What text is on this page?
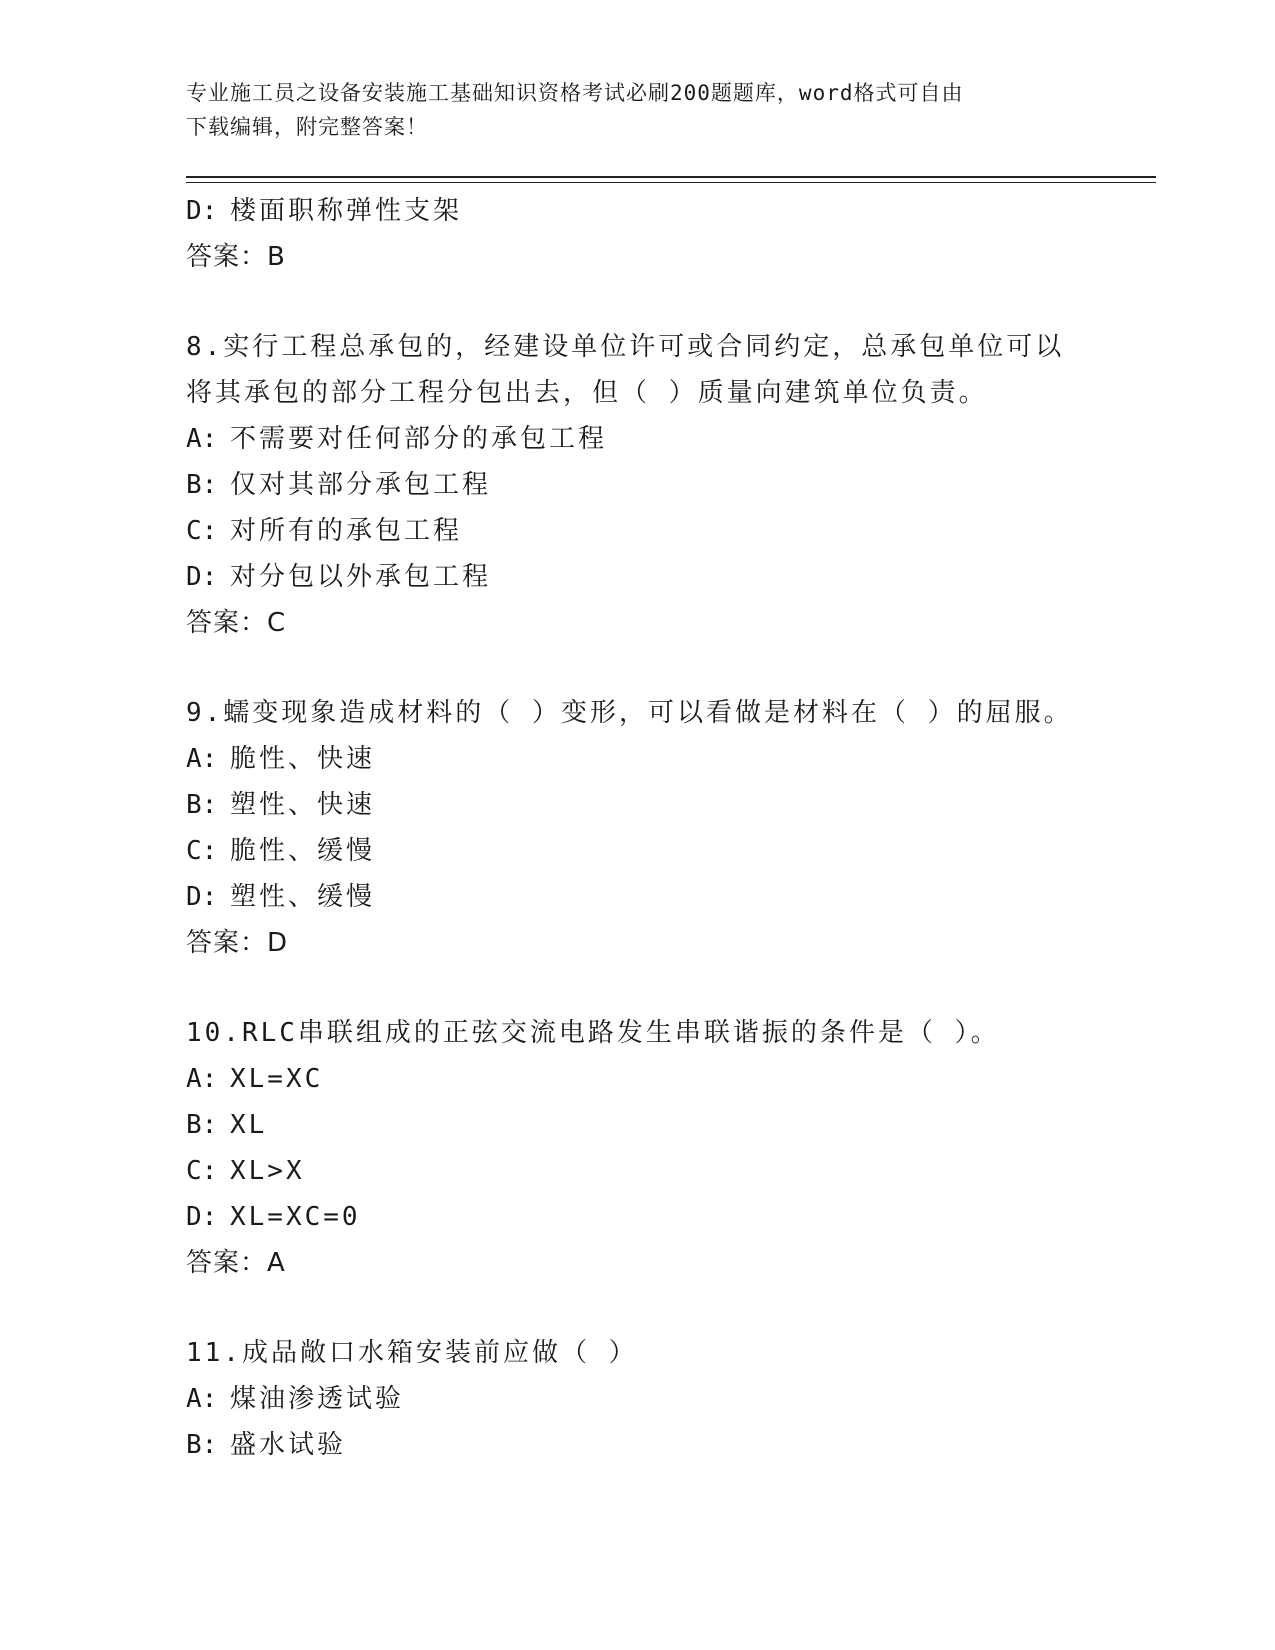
专业施工员之设备安装施工基础知识资格考试必刷200题题库，word格式可自由
下载编辑，附完整答案！
D: 楼面职称弹性支架
答案：B
8.实行工程总承包的，经建设单位许可或合同约定，总承包单位可以
将其承包的部分工程分包出去，但（ ）质量向建筑单位负责。
A: 不需要对任何部分的承包工程
B: 仅对其部分承包工程
C: 对所有的承包工程
D: 对分包以外承包工程
答案：C
9.蠕变现象造成材料的（ ）变形，可以看做是材料在（ ）的屈服。
A: 脆性、快速
B: 塑性、快速
C: 脆性、缓慢
D: 塑性、缓慢
答案：D
10.RLC串联组成的正弦交流电路发生串联谐振的条件是（ ）。
A: XL=XC
B: XL
C: XL>X
D: XL=XC=0
答案：A
11.成品敞口水箱安装前应做（ ）
A: 煤油渗透试验
B: 盛水试验
